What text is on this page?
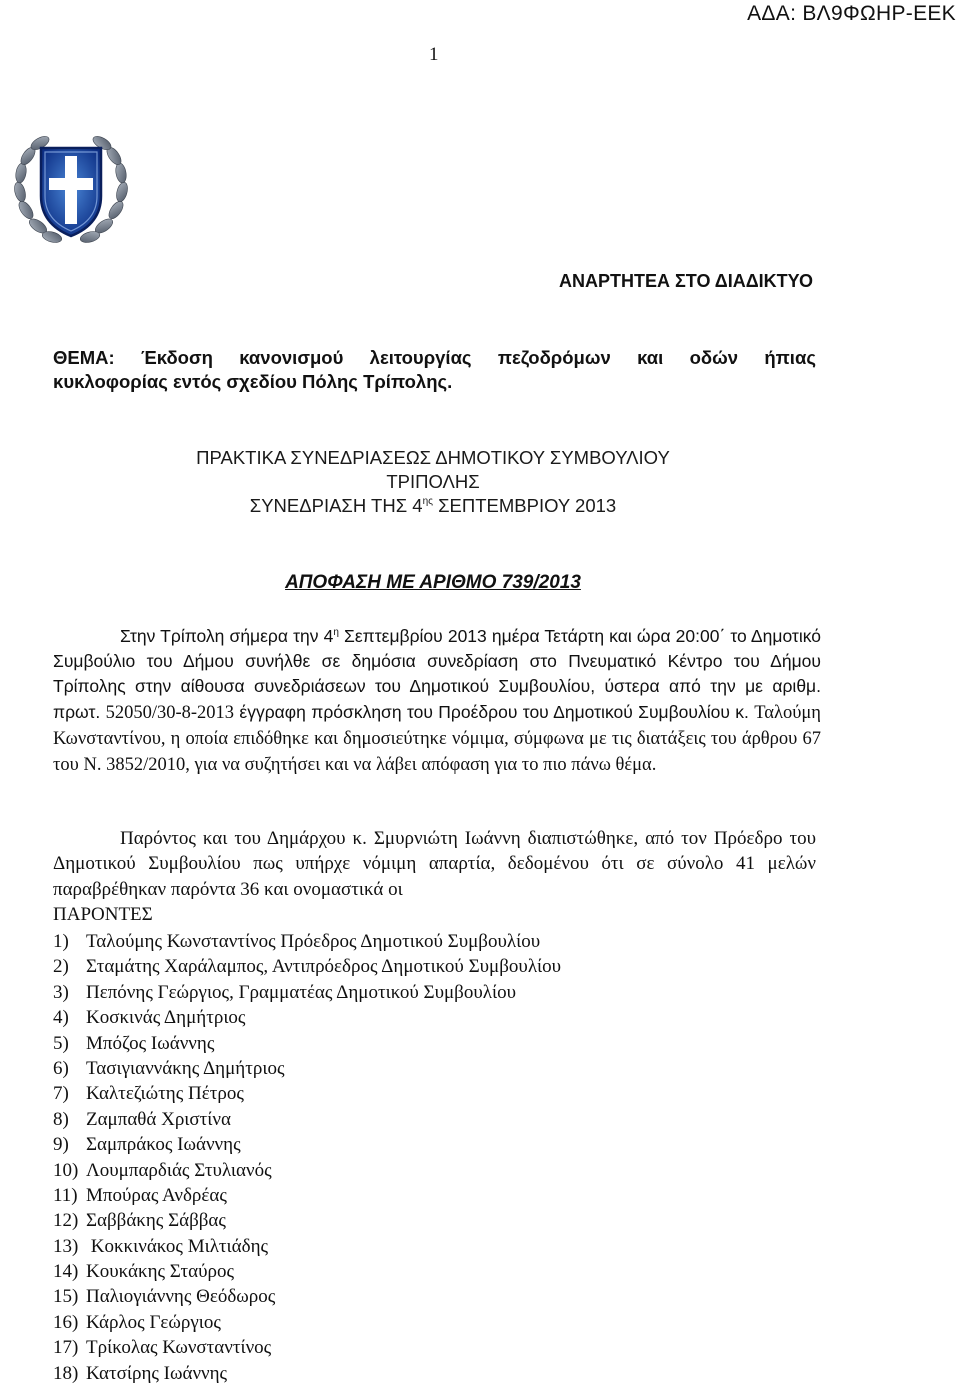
ΑΔΑ: ΒΛ9ΦΩΗΡ-ΕΕΚ
1
ΑΝΑΡΤΗΤΕΑ ΣΤΟ ΔΙΑΔΙΚΤΥΟ
ΘΕΜΑ: Έκδοση κανονισμού λειτουργίας πεζοδρόμων και οδών ήπιας
κυκλοφορίας εντός σχεδίου Πόλης Τρίπολης.
ΠΡΑΚΤΙΚΑ ΣΥΝΕΔΡΙΑΣΕΩΣ ΔΗΜΟΤΙΚΟΥ ΣΥΜΒΟΥΛΙΟΥ
ΤΡΙΠΟΛΗΣ
ΣΥΝΕΔΡΙΑΣΗ ΤΗΣ $4^{\eta\varsigma}$ ΣΕΠΤΕΜΒΡΙΟΥ 2013
ΑΠΟΦΑΣΗ ΜΕ ΑΡΙΘΜΟ 739/2013

Στην Τρίπολη σήμερα την $4^\eta$ Σεπτεμβρίου 2013 ημέρα Τετάρτη και ώρα 20:00΄ το Δημοτικό Συμβούλιο του Δήμου συνήλθε σε δημόσια συνεδρίαση στο Πνευματικό Κέντρο του Δήμου Τρίπολης στην αίθουσα συνεδριάσεων του Δημοτικού Συμβουλίου, ύστερα από την με αριθμ. πρωτ. 52050/30-8-2013 έγγραφη πρόσκληση του Προέδρου του Δημοτικού Συμβουλίου κ. Ταλούμη Κωνσταντίνου, η οποία επιδόθηκε και δημοσιεύτηκε νόμιμα, σύμφωνα με τις διατάξεις του άρθρου 67 του Ν. 3852/2010, για να συζητήσει και να λάβει απόφαση για το πιο πάνω θέμα.

Παρόντος και του Δημάρχου κ. Σμυρνιώτη Ιωάννη διαπιστώθηκε, από τον Πρόεδρο του Δημοτικού Συμβουλίου πως υπήρχε νόμιμη απαρτία, δεδομένου ότι σε σύνολο 41 μελών παραβρέθηκαν παρόντα 36 και ονομαστικά οι

ΠΑΡΟΝΤΕΣ
1) Ταλούμης Κωνσταντίνος Πρόεδρος Δημοτικού Συμβουλίου
2) Σταμάτης Χαράλαμπος, Αντιπρόεδρος Δημοτικού Συμβουλίου
3) Πεπόνης Γεώργιος, Γραμματέας Δημοτικού Συμβουλίου
4) Κοσκινάς Δημήτριος
5) Μπόζος Ιωάννης
6) Τασιγιαννάκης Δημήτριος
7) Καλτεζιώτης Πέτρος
8) Ζαμπαθά Χριστίνα
9) Σαμπράκος Ιωάννης
10) Λουμπαρδιάς Στυλιανός
11) Μπούρας Ανδρέας
12) Σαββάκης Σάββας
13) Κοκκινάκος Μιλτιάδης
14) Κουκάκης Σταύρος
15) Παλιογιάννης Θεόδωρος
16) Κάρλος Γεώργιος
17) Τρίκολας Κωνσταντίνος
18) Κατσίρης Ιωάννης
